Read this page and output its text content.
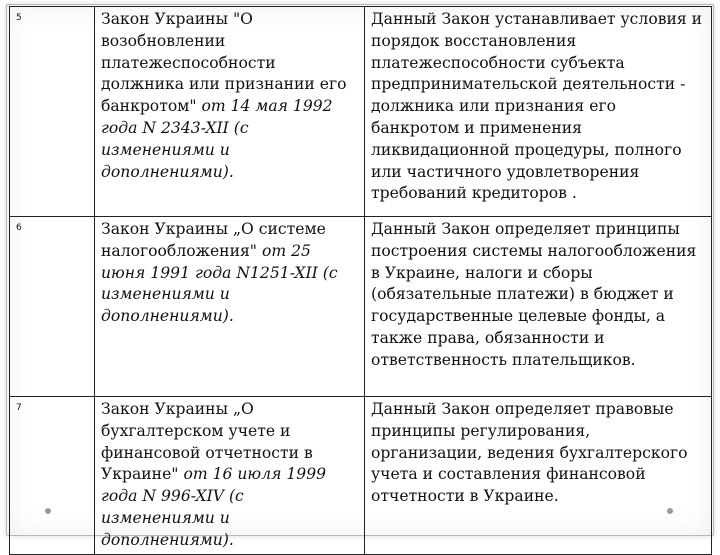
5	Закон Украины "О возобновлении платежеспособности должника или признании его банкротом" от 14 мая 1992 года N 2343-XII (с изменениями и дополнениями).	Данный Закон устанавливает условия и порядок восстановления платежеспособности субъекта предпринимательской деятельности - должника или признания его банкротом и применения ликвидационной процедуры, полного или частичного удовлетворения требований кредиторов .
6	Закон Украины „О системе налогообложения" от 25 июня 1991 года N1251-XII (с изменениями и дополнениями).	Данный Закон определяет принципы построения системы налогообложения в Украине, налоги и сборы (обязательные платежи) в бюджет и государственные целевые фонды, а также права, обязанности и ответственность плательщиков.
7	Закон Украины „О бухгалтерском учете и финансовой отчетности в Украине" от 16 июля 1999 года N 996-XIV (с изменениями и дополнениями).	Данный Закон определяет правовые принципы регулирования, организации, ведения бухгалтерского учета и составления финансовой отчетности в Украине.
